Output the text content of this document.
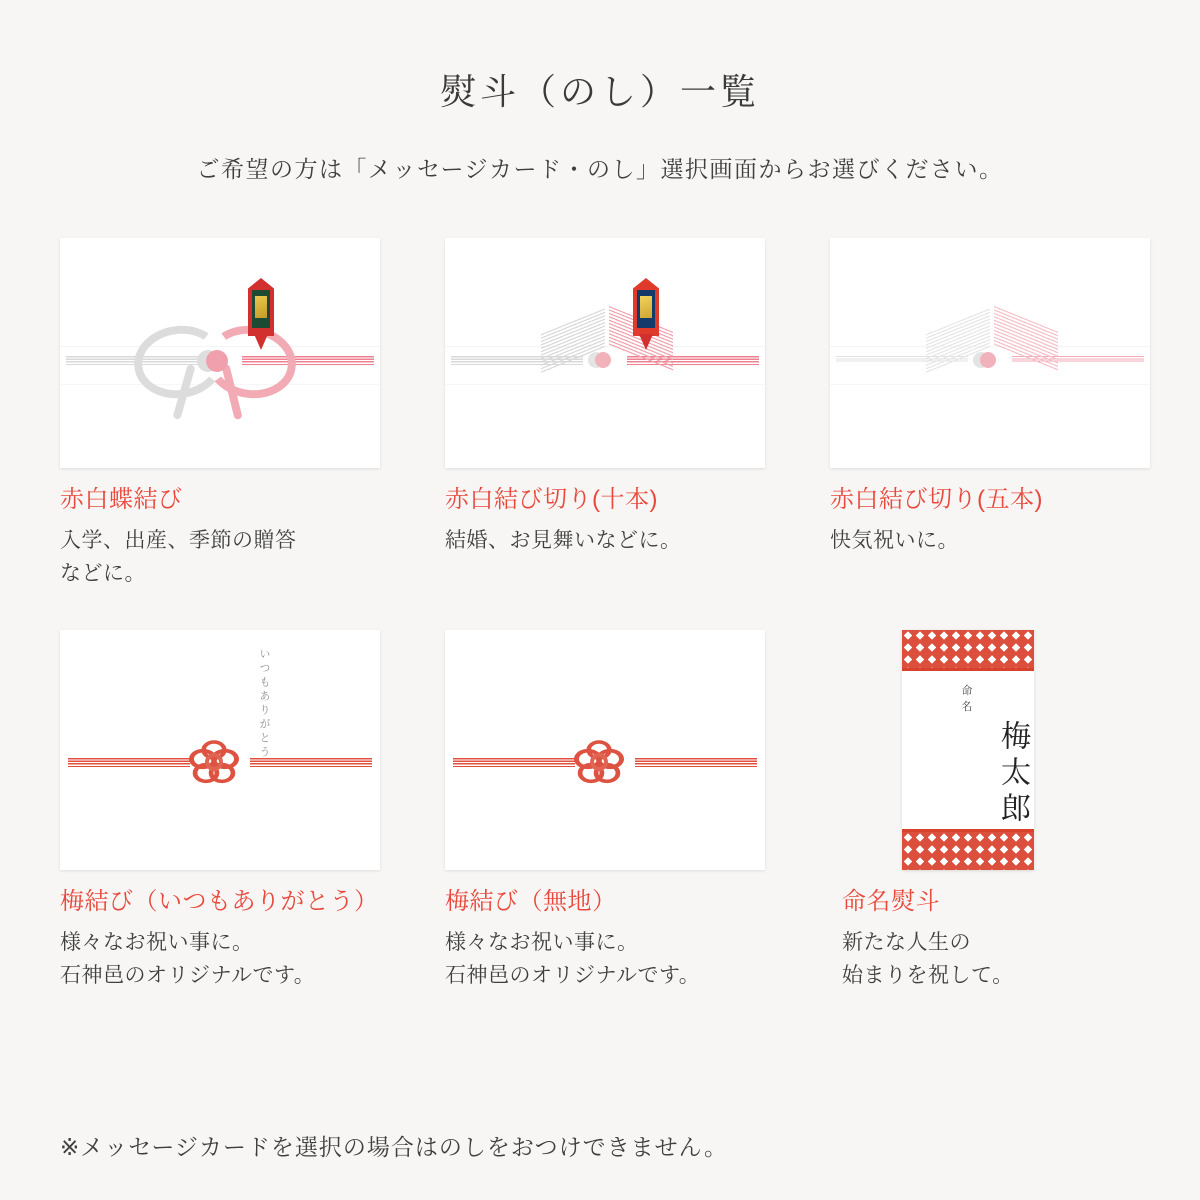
熨斗（のし）一覧

ご希望の方は「メッセージカード・のし」選択画面からお選びください。

赤白蝶結び
入学、出産、季節の贈答
などに。
赤白結び切り(十本)
結婚、お見舞いなどに。
赤白結び切り(五本)
快気祝いに。
いつもありがとう
梅結び（いつもありがとう）
様々なお祝い事に。
石神邑のオリジナルです。
梅結び（無地）
様々なお祝い事に。
石神邑のオリジナルです。
命
名
梅太郎
命名熨斗
新たな人生の
始まりを祝して。
※メッセージカードを選択の場合はのしをおつけできません。
